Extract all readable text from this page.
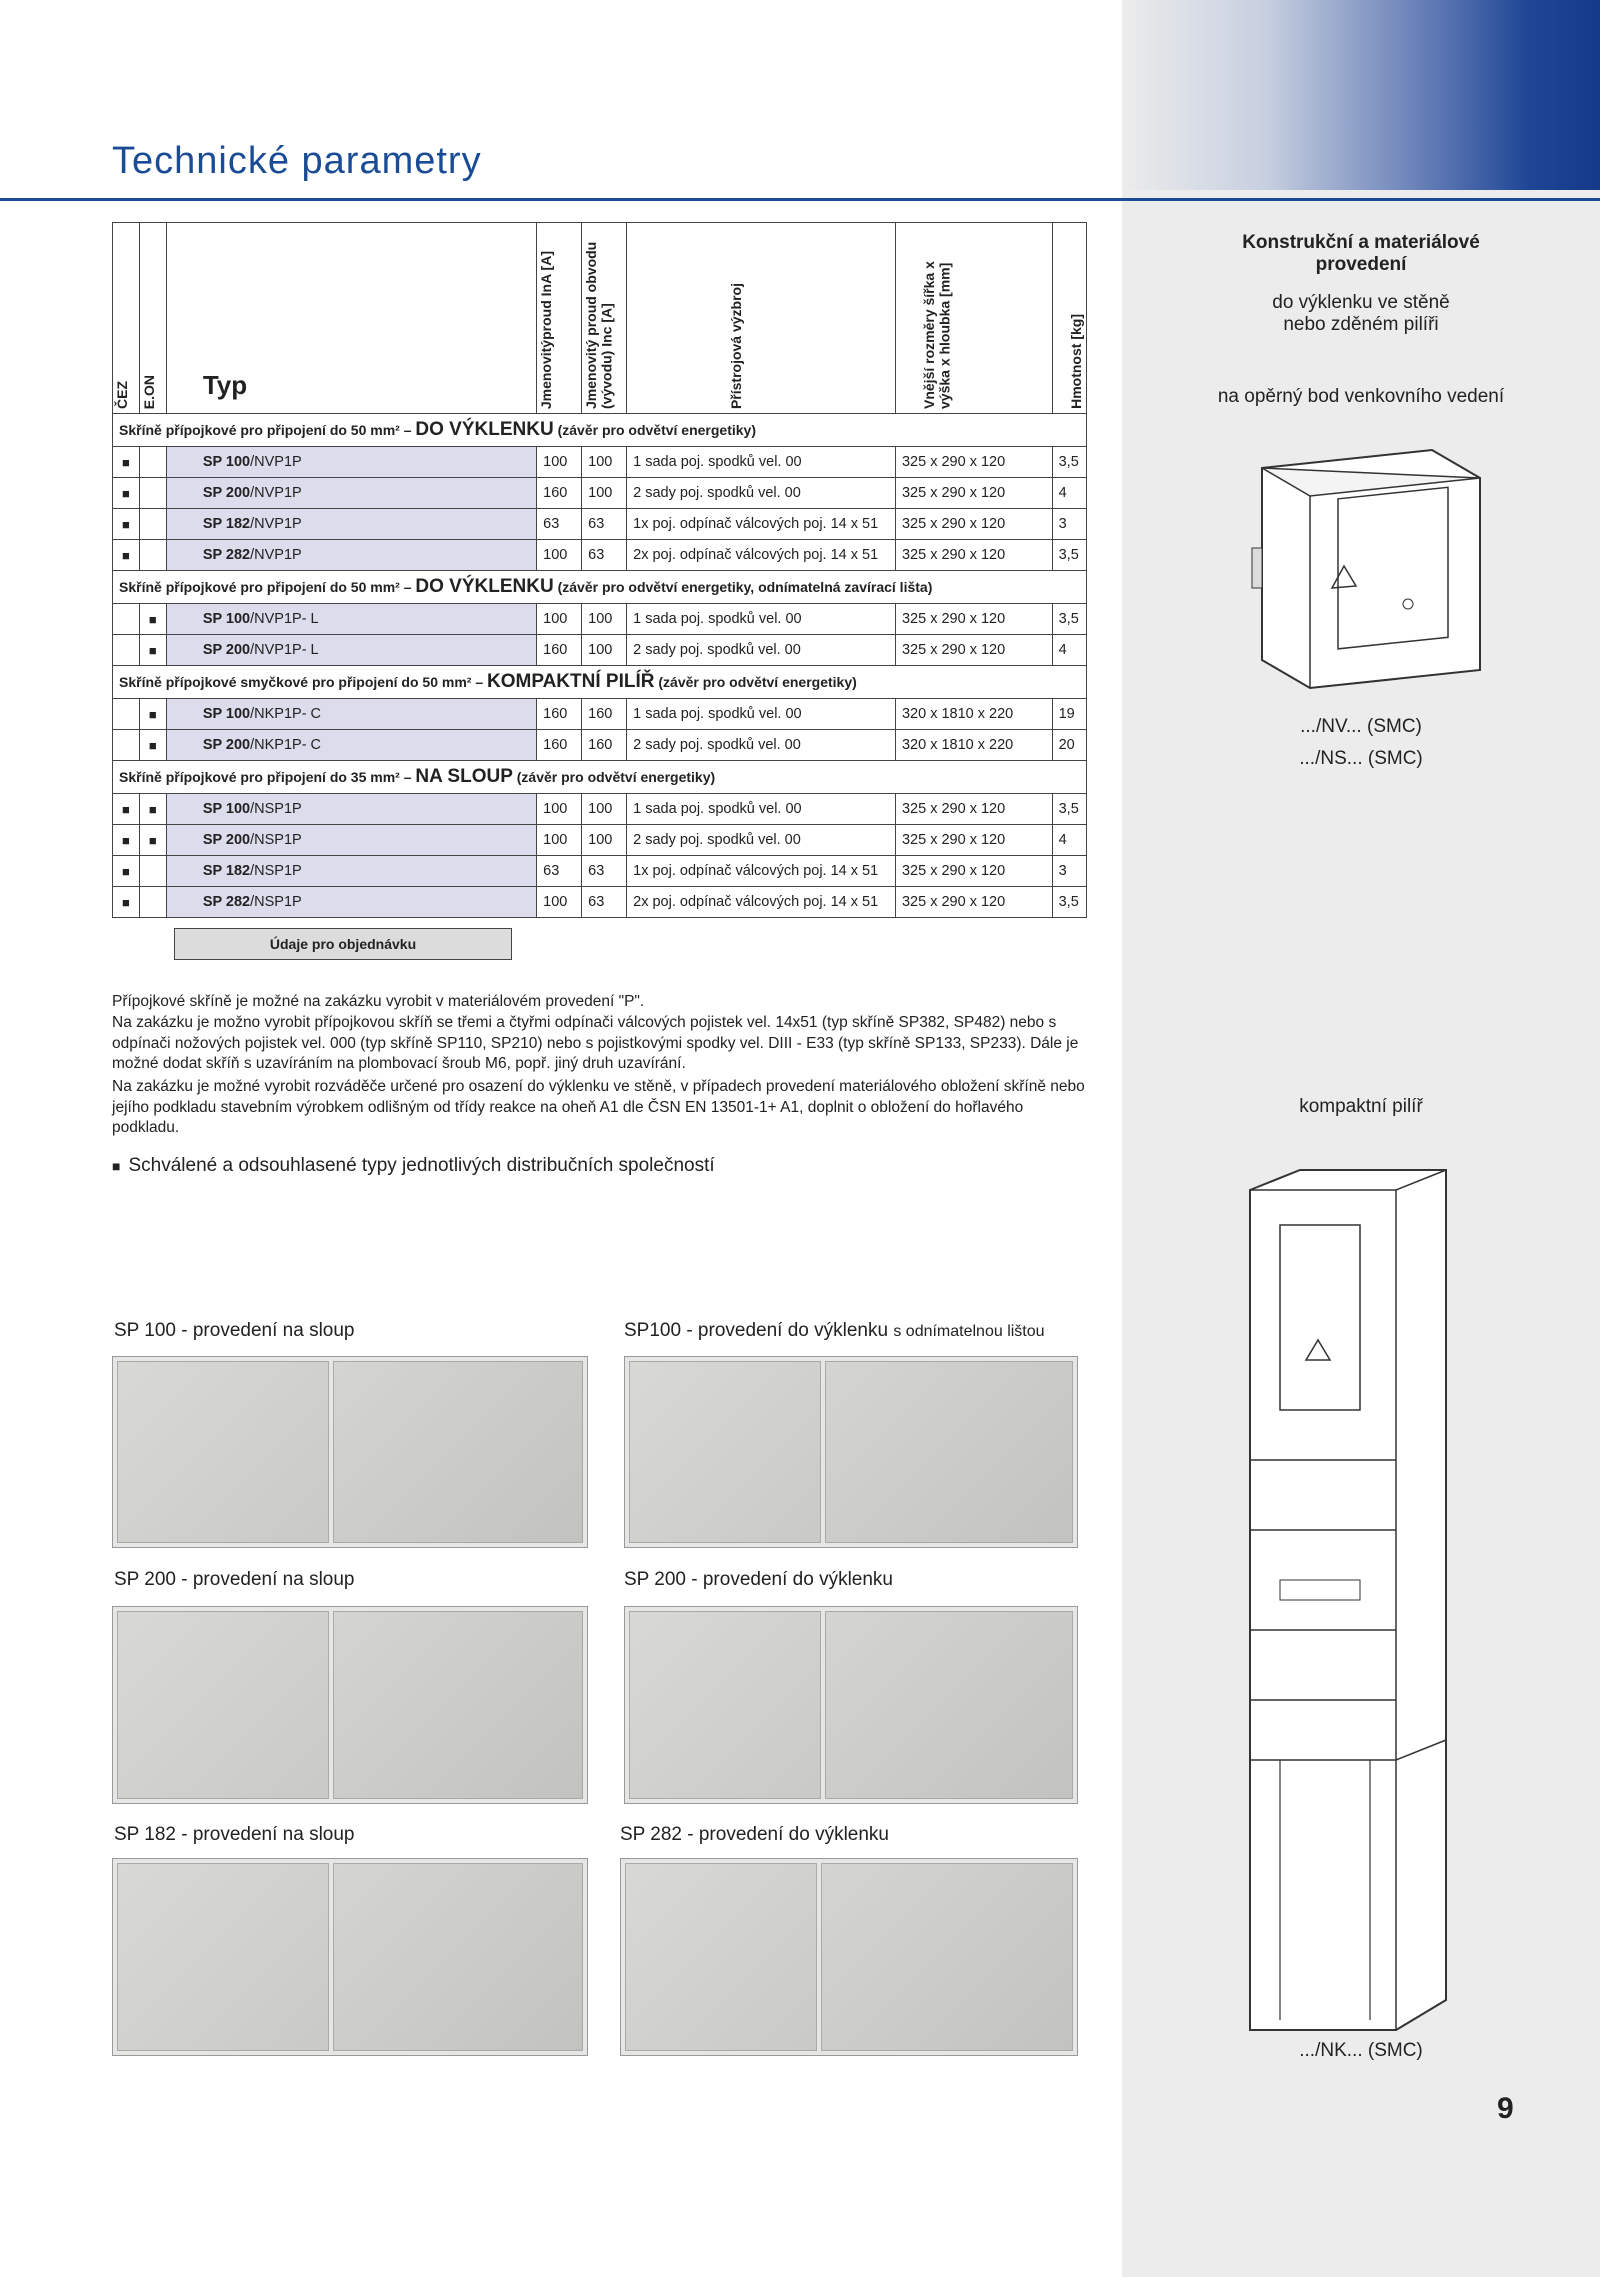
Technické parametry
ČEZ	E.ON	Typ	Jmenovitýproud InA [A]	Jmenovitý proud obvodu (vývodu) Inc [A]	Přístrojová výzbroj	Vnější rozměry šířka x výška x hloubka [mm]	Hmotnost [kg]

Skříně přípojkové pro připojení do 50 mm² – DO VÝKLENKU (závěr pro odvětví energetiky)							
■		SP 100/NVP1P	100	100	1 sada poj. spodků vel. 00	325 x 290 x 120	3,5
■		SP 200/NVP1P	160	100	2 sady poj. spodků vel. 00	325 x 290 x 120	4
■		SP 182/NVP1P	63	63	1x poj. odpínač válcových poj. 14 x 51	325 x 290 x 120	3
■		SP 282/NVP1P	100	63	2x poj. odpínač válcových poj. 14 x 51	325 x 290 x 120	3,5
Skříně přípojkové pro připojení do 50 mm² – DO VÝKLENKU (závěr pro odvětví energetiky, odnímatelná zavírací lišta)							
	■	SP 100/NVP1P- L	100	100	1 sada poj. spodků vel. 00	325 x 290 x 120	3,5
	■	SP 200/NVP1P- L	160	100	2 sady poj. spodků vel. 00	325 x 290 x 120	4
Skříně přípojkové smyčkové pro připojení do 50 mm² – KOMPAKTNÍ PILÍŘ (závěr pro odvětví energetiky)							
	■	SP 100/NKP1P- C	160	160	1 sada poj. spodků vel. 00	320 x 1810 x 220	19
	■	SP 200/NKP1P- C	160	160	2 sady poj. spodků vel. 00	320 x 1810 x 220	20
Skříně přípojkové pro připojení do 35 mm² – NA SLOUP (závěr pro odvětví energetiky)							
■	■	SP 100/NSP1P	100	100	1 sada poj. spodků vel. 00	325 x 290 x 120	3,5
■	■	SP 200/NSP1P	100	100	2 sady poj. spodků vel. 00	325 x 290 x 120	4
■		SP 182/NSP1P	63	63	1x poj. odpínač válcových poj. 14 x 51	325 x 290 x 120	3
■		SP 282/NSP1P	100	63	2x poj. odpínač válcových poj. 14 x 51	325 x 290 x 120	3,5
Údaje pro objednávku
Konstrukční a materiálové provedení
do výklenku ve stěně nebo zděném pilíři
na opěrný bod venkovního vedení
.../NV... (SMC)
.../NS... (SMC)
kompaktní pilíř
.../NK... (SMC)
Přípojkové skříně je možné na zakázku vyrobit v materiálovém provedení "P".
Na zakázku je možno vyrobit přípojkovou skříň se třemi a čtyřmi odpínači válcových pojistek vel. 14x51 (typ skříně SP382, SP482) nebo s odpínači nožových pojistek vel. 000 (typ skříně SP110, SP210) nebo s pojistkovými spodky vel. DIII - E33 (typ skříně SP133, SP233). Dále je možné dodat skříň s uzavíráním na plombovací šroub M6, popř. jiný druh uzavírání.
Na zakázku je možné vyrobit rozváděče určené pro osazení do výklenku ve stěně, v případech provedení materiálového obložení skříně nebo jejího podkladu stavebním výrobkem odlišným od třídy reakce na oheň A1 dle ČSN EN 13501-1+ A1, doplnit o obložení do hořlavého podkladu.
■ Schválené a odsouhlasené typy jednotlivých distribučních společností
SP 100 - provedení na sloup	SP100 - provedení do výklenku s odnímatelnou lištou
SP 200 - provedení na sloup	SP 200 - provedení do výklenku
SP 182 - provedení na sloup	SP 282 - provedení do výklenku
9
